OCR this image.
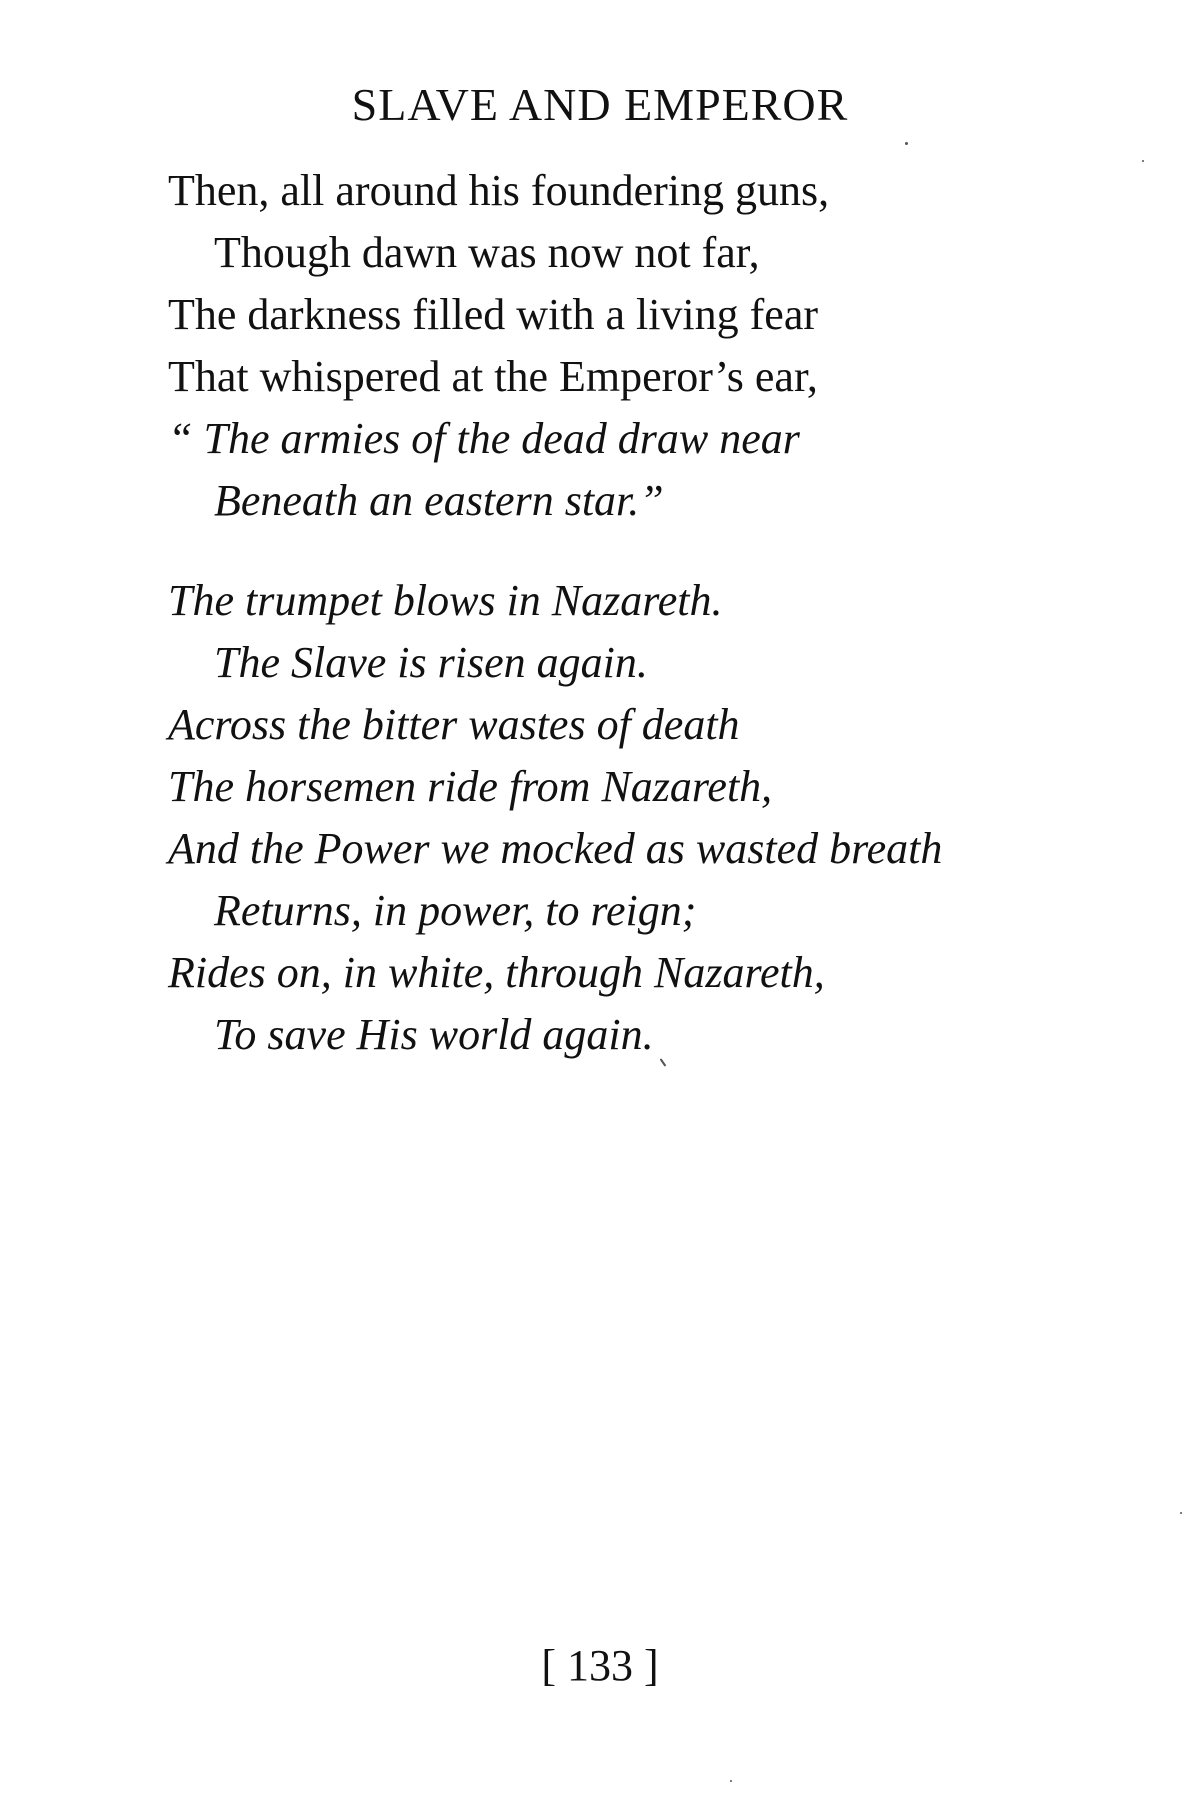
SLAVE AND EMPEROR
Then, all around his foundering guns,
Though dawn was now not far,
The darkness filled with a living fear
That whispered at the Emperor’s ear,
“ The armies of the dead draw near
Beneath an eastern star.”
The trumpet blows in Nazareth.
The Slave is risen again.
Across the bitter wastes of death
The horsemen ride from Nazareth,
And the Power we mocked as wasted breath
Returns, in power, to reign;
Rides on, in white, through Nazareth,
To save His world again.
[ 133 ]
